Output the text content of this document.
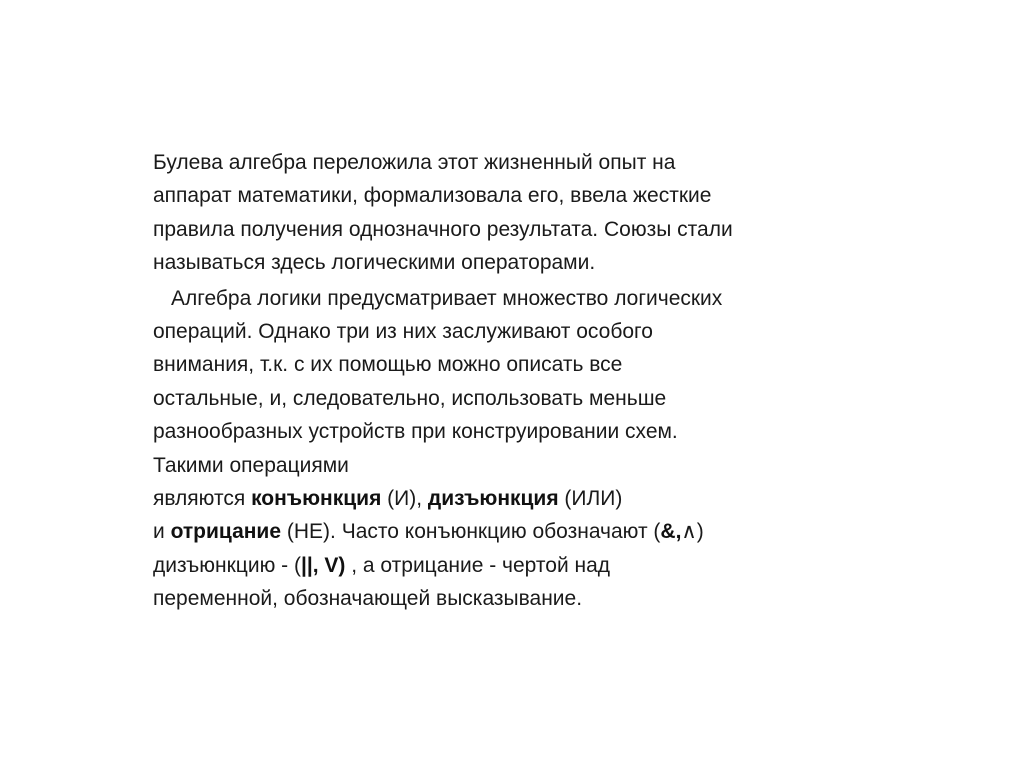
Булева алгебра переложила этот жизненный опыт на
аппарат математики, формализовала его, ввела жесткие
правила получения однозначного результата. Союзы стали
называться здесь логическими операторами.

Алгебра логики предусматривает множество логических
операций. Однако три из них заслуживают особого
внимания, т.к. с их помощью можно описать все
остальные, и, следовательно, использовать меньше
разнообразных устройств при конструировании схем.
Такими операциями
являются конъюнкция (И), дизъюнкция (ИЛИ)
и отрицание (НЕ). Часто конъюнкцию обозначают (&,∧)
дизъюнкцию - (||, V) , а отрицание - чертой над
переменной, обозначающей высказывание.
